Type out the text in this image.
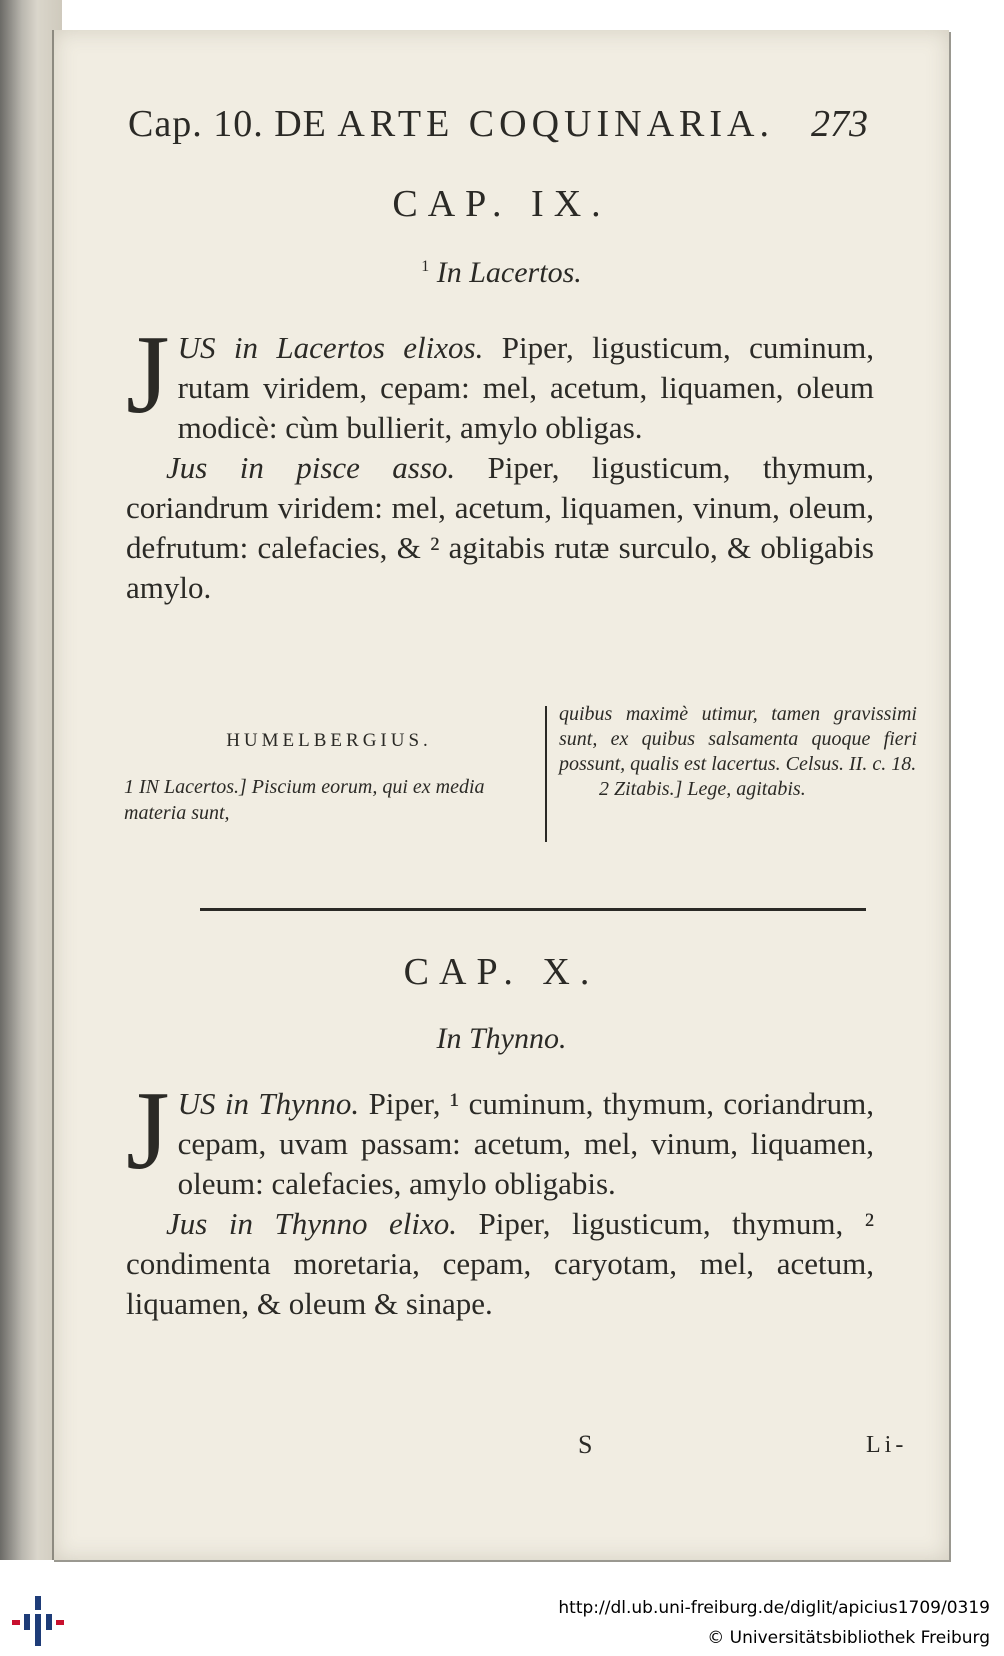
Cap. 10. DE ARTE COQUINARIA. 273
CAP. IX.
$^1$ In Lacertos.
J US in Lacertos elixos. Piper, ligusticum, cuminum, rutam viridem, cepam: mel, acetum, liquamen, oleum modicè: cùm bullierit, amylo obligas.
Jus in pisce asso. Piper, ligusticum, thymum, coriandrum viridem: mel, acetum, liquamen, vinum, oleum, defrutum: calefacies, & ² agitabis rutæ surculo, & obligabis amylo.
HUMELBERGIUS.
1 IN Lacertos.] Piscium eorum, qui ex media materia sunt,
quibus maximè utimur, tamen gravissimi sunt, ex quibus salsamenta quoque fieri possunt, qualis est lacertus. Celsus. II. c. 18.
2 Zitabis.] Lege, agitabis.
CAP. X.
In Thynno.
J US in Thynno. Piper, ¹ cuminum, thymum, coriandrum, cepam, uvam passam: acetum, mel, vinum, liquamen, oleum: calefacies, amylo obligabis.
Jus in Thynno elixo. Piper, ligusticum, thymum, ² condimenta moretaria, cepam, caryotam, mel, acetum, liquamen, & oleum & sinape.
S	Li-
http://dl.ub.uni-freiburg.de/diglit/apicius1709/0319
© Universitätsbibliothek Freiburg
